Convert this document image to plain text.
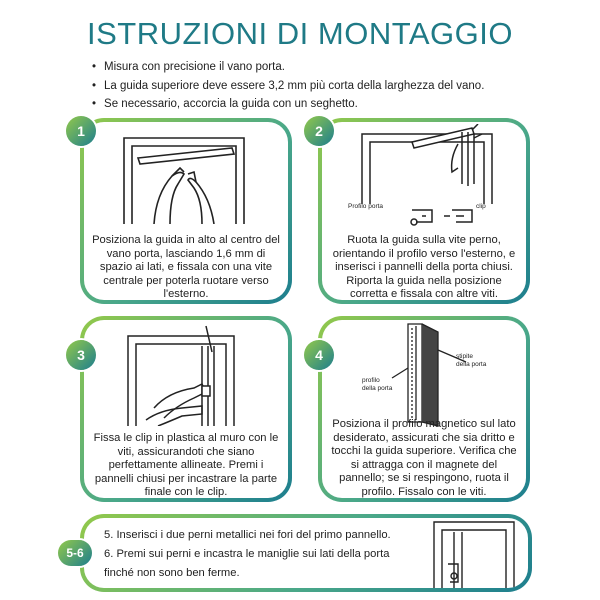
ISTRUZIONI DI MONTAGGIO
• Misura con precisione il vano porta.
• La guida superiore deve essere 3,2 mm più corta della larghezza del vano.
• Se necessario, accorcia la guida con un seghetto.
Posiziona la guida in alto al centro del vano porta, lasciando 1,6 mm di spazio ai lati, e fissala con una vite centrale per poterla ruotare verso l'esterno.
1
Profilo porta	clip
Ruota la guida sulla vite perno, orientando il profilo verso l'esterno, e inserisci i pannelli della porta chiusi. Riporta la guida nella posizione corretta e fissala con altre viti.
2
Fissa le clip in plastica al muro con le viti, assicurandoti che siano perfettamente allineate. Premi i pannelli chiusi per incastrare la parte finale con le clip.
3	stipite
della porta
profilo
della porta
Posiziona il profilo magnetico sul lato desiderato, assicurati che sia dritto e tocchi la guida superiore. Verifica che si attragga con il magnete del pannello; se si respingono, ruota il profilo. Fissalo con le viti.
4
5. Inserisci i due perni metallici nei fori del primo pannello.
6. Premi sui perni e incastra le maniglie sui lati della porta
finché non sono ben ferme.
5-6
